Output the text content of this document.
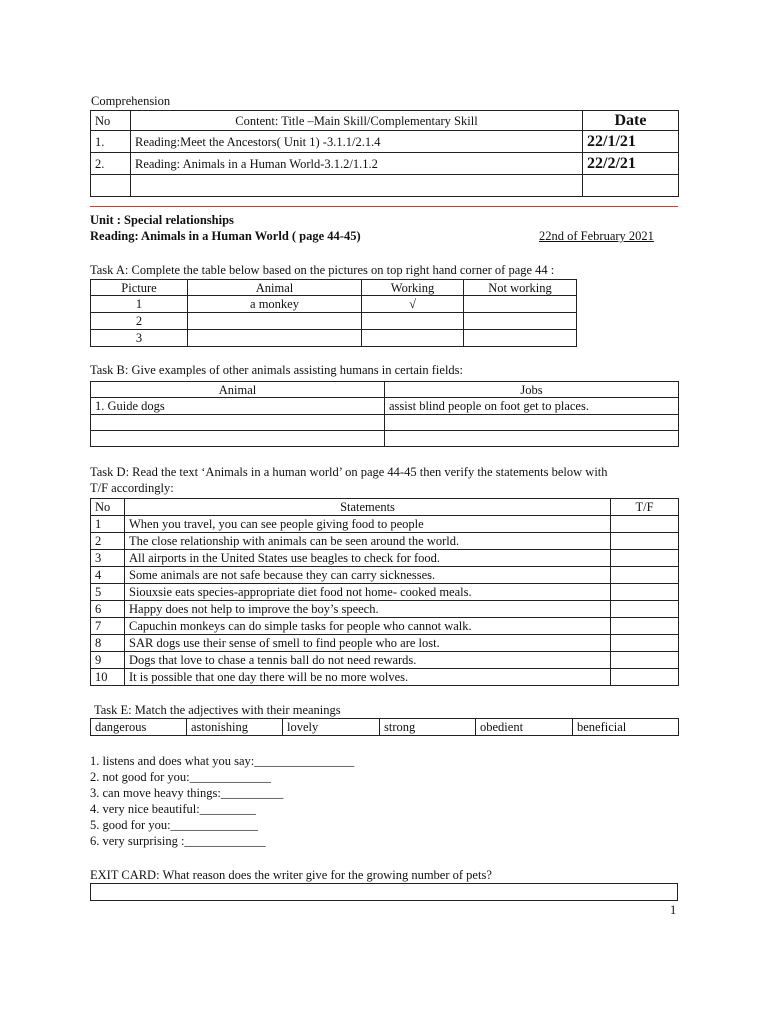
Comprehension
No	Content: Title –Main Skill/Complementary Skill	Date
1.	Reading:Meet the Ancestors( Unit 1) -3.1.1/2.1.4	22/1/21
2.	Reading: Animals in a Human World-3.1.2/1.1.2	22/2/21

Unit : Special relationships
Reading: Animals in a Human World ( page 44-45)	22nd of February 2021
Task A: Complete the table below based on the pictures on top right hand corner of page 44 :
Picture	Animal	Working	Not working
1	a monkey	√	
2			
3			
Task B: Give examples of other animals assisting humans in certain fields:
Animal	Jobs
1. Guide dogs	assist blind people on foot get to places.

Task D: Read the text ‘Animals in a human world’ on page 44-45 then verify the statements below with
T/F accordingly:
No	Statements	T/F
1	When you travel, you can see people giving food to people	
2	The close relationship with animals can be seen around the world.	
3	All airports in the United States use beagles to check for food.	
4	Some animals are not safe because they can carry sicknesses.	
5	Siouxsie eats species-appropriate diet food not home- cooked meals.	
6	Happy does not help to improve the boy’s speech.	
7	Capuchin monkeys can do simple tasks for people who cannot walk.	
8	SAR dogs use their sense of smell to find people who are lost.	
9	Dogs that love to chase a tennis ball do not need rewards.	
10	It is possible that one day there will be no more wolves.	
Task E: Match the adjectives with their meanings
dangerous	astonishing	lovely	strong	obedient	beneficial
1. listens and does what you say:________________
2. not good for you:_____________
3. can move heavy things:__________
4. very nice beautiful:_________
5. good for you:______________
6. very surprising :_____________
EXIT CARD: What reason does the writer give for the growing number of pets?
1
